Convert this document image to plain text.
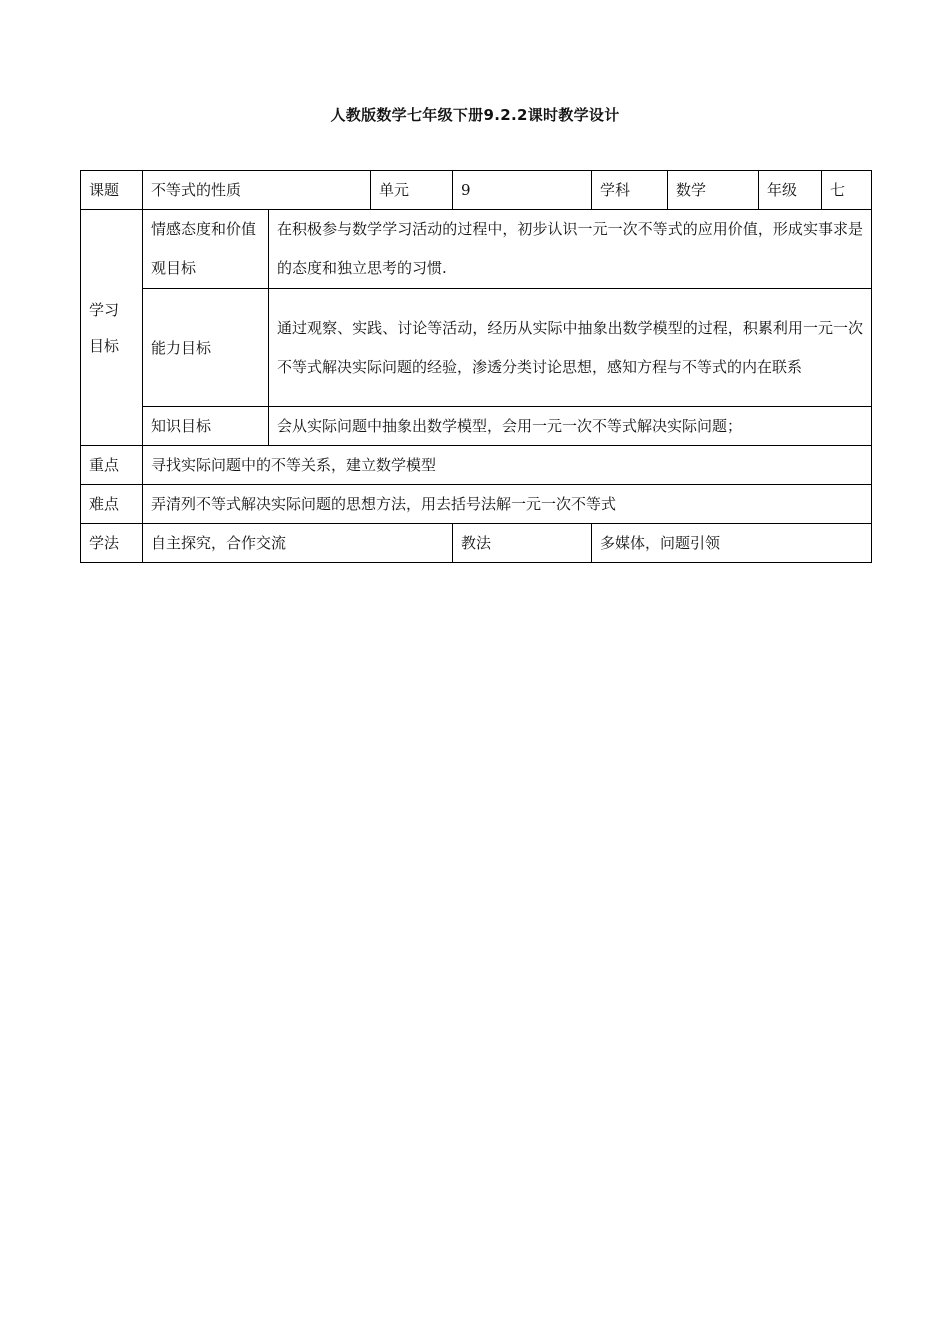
人教版数学七年级下册9.2.2课时教学设计
课题	不等式的性质		单元	9	学科	数学	年级	七

学习目标	情感态度和价值观目标	在积极参与数学学习活动的过程中，初步认识一元一次不等式的应用价值，形成实事求是的态度和独立思考的习惯.						
	能力目标	通过观察、实践、讨论等活动，经历从实际中抽象出数学模型的过程，积累利用一元一次不等式解决实际问题的经验，渗透分类讨论思想，感知方程与不等式的内在联系						
	知识目标	会从实际问题中抽象出数学模型，会用一元一次不等式解决实际问题；						
重点	寻找实际问题中的不等关系，建立数学模型							
难点	弄清列不等式解决实际问题的思想方法，用去括号法解一元一次不等式							
学法	自主探究，合作交流			教法	多媒体，问题引领			
